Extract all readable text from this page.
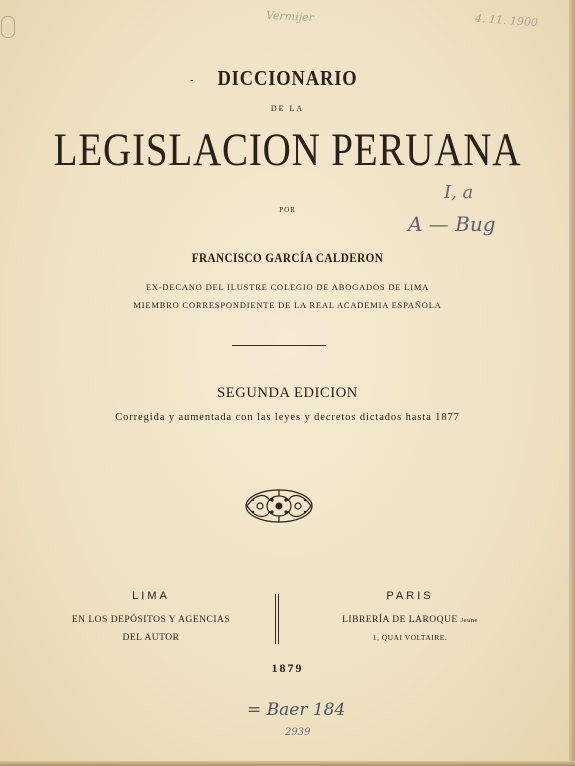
Vermijer	4. 11. 1900
- DICCIONARIO
DE LA
LEGISLACION PERUANA
I, a
A — Bug
POR
FRANCISCO GARCÍA CALDERON
EX-DECANO DEL ILUSTRE COLEGIO DE ABOGADOS DE LIMA
MIEMBRO CORRESPONDIENTE DE LA REAL ACADEMIA ESPAÑOLA
SEGUNDA EDICION
Corregida y aumentada con las leyes y decretos dictados hasta 1877
LIMA
EN LOS DEPÓSITOS Y AGENCIAS
DEL AUTOR
PARIS
LIBRERÍA DE LAROQUE Jeune
1, QUAI VOLTAIRE.
1879
= Baer 184
2939
